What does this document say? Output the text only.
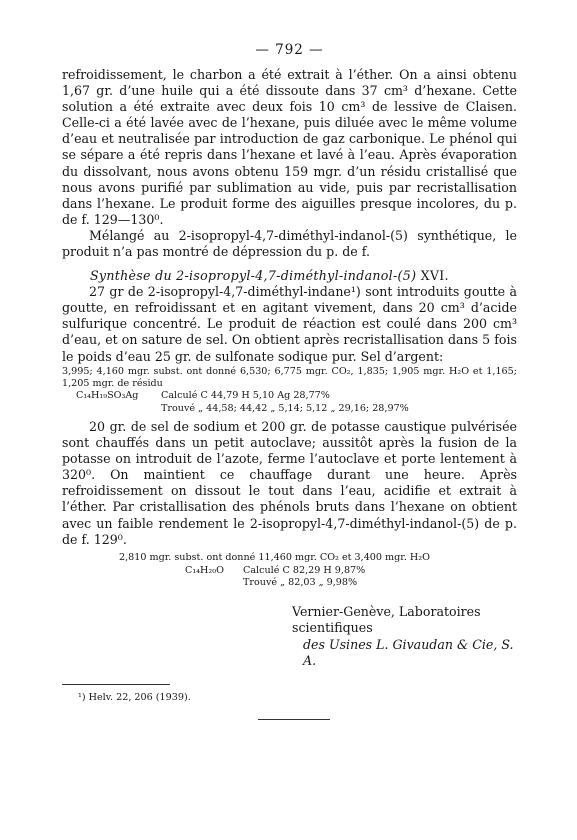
— 792 —
refroidissement, le charbon a été extrait à l’éther. On a ainsi obtenu 1,67 gr. d’une huile qui a été dissoute dans 37 cm³ d’hexane. Cette solution a été extraite avec deux fois 10 cm³ de lessive de Claisen. Celle-ci a été lavée avec de l’hexane, puis diluée avec le même volume d’eau et neutralisée par introduction de gaz carbonique. Le phénol qui se sépare a été repris dans l’hexane et lavé à l’eau. Après évaporation du dissolvant, nous avons obtenu 159 mgr. d’un résidu cristallisé que nous avons purifié par sublimation au vide, puis par recristallisation dans l’hexane. Le produit forme des aiguilles presque incolores, du p. de f. 129—130⁰.
Mélangé au 2-isopropyl-4,7-diméthyl-indanol-(5) synthétique, le produit n’a pas montré de dépression du p. de f.
Synthèse du 2-isopropyl-4,7-diméthyl-indanol-(5) XVI.
27 gr de 2-isopropyl-4,7-diméthyl-indane¹) sont introduits goutte à goutte, en refroidissant et en agitant vivement, dans 20 cm³ d’acide sulfurique concentré. Le produit de réaction est coulé dans 200 cm³ d’eau, et on sature de sel. On obtient après recristallisation dans 5 fois le poids d’eau 25 gr. de sulfonate sodique pur. Sel d’argent:
3,995; 4,160 mgr. subst. ont donné 6,530; 6,775 mgr. CO₂, 1,835; 1,905 mgr. H₂O et 1,165; 1,205 mgr. de résidu
C₁₄H₁₉SO₃Ag	Calculé C 44,79 H 5,10 Ag 28,77%
Trouvé „ 44,58; 44,42 „ 5,14; 5,12 „ 29,16; 28,97%
20 gr. de sel de sodium et 200 gr. de potasse caustique pulvérisée sont chauffés dans un petit autoclave; aussitôt après la fusion de la potasse on introduit de l’azote, ferme l’autoclave et porte lentement à 320⁰. On maintient ce chauffage durant une heure. Après refroidissement on dissout le tout dans l’eau, acidifie et extrait à l’éther. Par cristallisation des phénols bruts dans l’hexane on obtient avec un faible rendement le 2-isopropyl-4,7-diméthyl-indanol-(5) de p. de f. 129⁰.
2,810 mgr. subst. ont donné 11,460 mgr. CO₂ et 3,400 mgr. H₂O
C₁₄H₂₀O	Calculé C 82,29 H 9,87%
Trouvé „ 82,03 „ 9,98%
Vernier-Genève, Laboratoires scientifiques
des Usines L. Givaudan & Cie, S. A.
¹) Helv. 22, 206 (1939).
